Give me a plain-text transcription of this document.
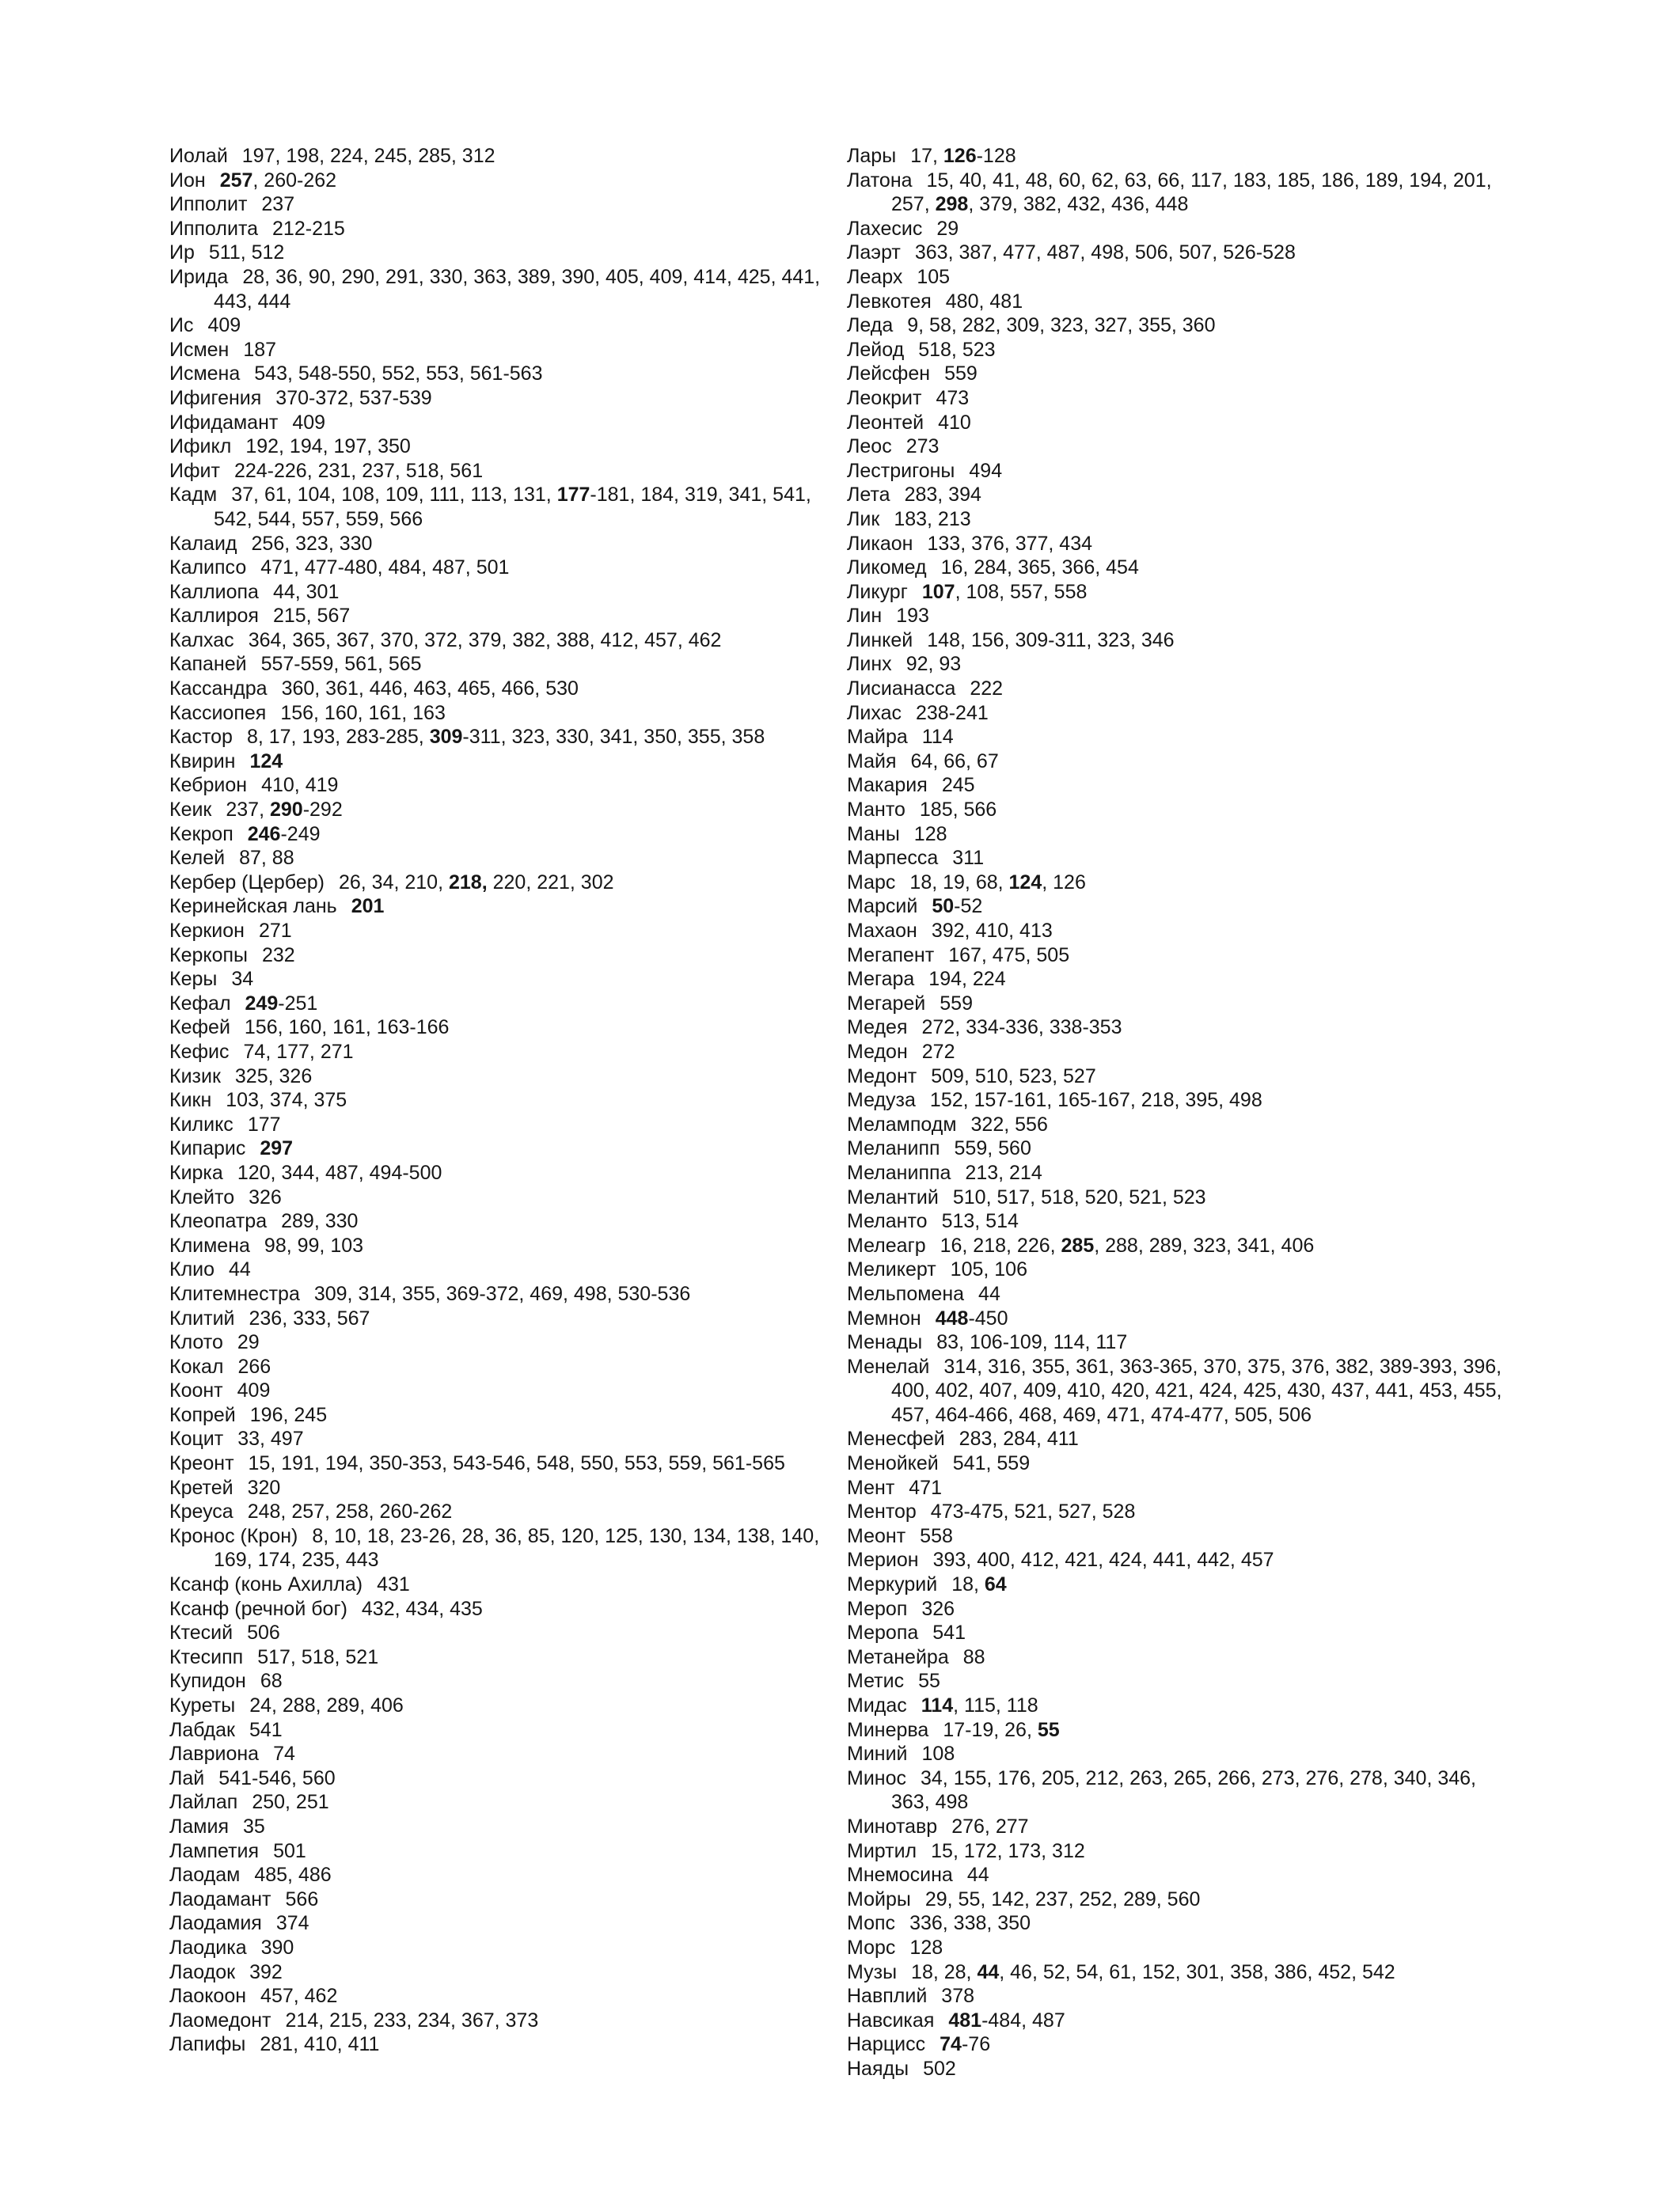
Иолай 197, 198, 224, 245, 285, 312
Ион 257, 260-262
Ипполит 237
Ипполита 212-215
Ир 511, 512
Ирида 28, 36, 90, 290, 291, 330, 363, 389, 390, 405, 409, 414, 425, 441, 443, 444
Ис 409
Исмен 187
Исмена 543, 548-550, 552, 553, 561-563
Ифигения 370-372, 537-539
Ифидамант 409
Ификл 192, 194, 197, 350
Ифит 224-226, 231, 237, 518, 561
Кадм 37, 61, 104, 108, 109, 111, 113, 131, 177-181, 184, 319, 341, 541, 542, 544, 557, 559, 566
Калаид 256, 323, 330
Калипсо 471, 477-480, 484, 487, 501
Каллиопа 44, 301
Каллироя 215, 567
Калхас 364, 365, 367, 370, 372, 379, 382, 388, 412, 457, 462
Капаней 557-559, 561, 565
Кассандра 360, 361, 446, 463, 465, 466, 530
Кассиопея 156, 160, 161, 163
Кастор 8, 17, 193, 283-285, 309-311, 323, 330, 341, 350, 355, 358
Квирин 124
Кебрион 410, 419
Кеик 237, 290-292
Кекроп 246-249
Келей 87, 88
Кербер (Цербер) 26, 34, 210, 218, 220, 221, 302
Керинейская лань 201
Керкион 271
Керкопы 232
Керы 34
Кефал 249-251
Кефей 156, 160, 161, 163-166
Кефис 74, 177, 271
Кизик 325, 326
Кикн 103, 374, 375
Киликс 177
Кипарис 297
Кирка 120, 344, 487, 494-500
Клейто 326
Клеопатра 289, 330
Климена 98, 99, 103
Клио 44
Клитемнестра 309, 314, 355, 369-372, 469, 498, 530-536
Клитий 236, 333, 567
Клото 29
Кокал 266
Коонт 409
Копрей 196, 245
Коцит 33, 497
Креонт 15, 191, 194, 350-353, 543-546, 548, 550, 553, 559, 561-565
Кретей 320
Креуса 248, 257, 258, 260-262
Кронос (Крон) 8, 10, 18, 23-26, 28, 36, 85, 120, 125, 130, 134, 138, 140, 169, 174, 235, 443
Ксанф (конь Ахилла) 431
Ксанф (речной бог) 432, 434, 435
Ктесий 506
Ктесипп 517, 518, 521
Купидон 68
Куреты 24, 288, 289, 406
Лабдак 541
Лавриона 74
Лай 541-546, 560
Лайлап 250, 251
Ламия 35
Лампетия 501
Лаодам 485, 486
Лаодамант 566
Лаодамия 374
Лаодика 390
Лаодок 392
Лаокоон 457, 462
Лаомедонт 214, 215, 233, 234, 367, 373
Лапифы 281, 410, 411
Лары 17, 126-128
Латона 15, 40, 41, 48, 60, 62, 63, 66, 117, 183, 185, 186, 189, 194, 201, 257, 298, 379, 382, 432, 436, 448
Лахесис 29
Лаэрт 363, 387, 477, 487, 498, 506, 507, 526-528
Леарх 105
Левкотея 480, 481
Леда 9, 58, 282, 309, 323, 327, 355, 360
Лейод 518, 523
Лейсфен 559
Леокрит 473
Леонтей 410
Леос 273
Лестригоны 494
Лета 283, 394
Лик 183, 213
Ликаон 133, 376, 377, 434
Ликомед 16, 284, 365, 366, 454
Ликург 107, 108, 557, 558
Лин 193
Линкей 148, 156, 309-311, 323, 346
Линх 92, 93
Лисианасса 222
Лихас 238-241
Майра 114
Майя 64, 66, 67
Макария 245
Манто 185, 566
Маны 128
Марпесса 311
Марс 18, 19, 68, 124, 126
Марсий 50-52
Махаон 392, 410, 413
Мегапент 167, 475, 505
Мегара 194, 224
Мегарей 559
Медея 272, 334-336, 338-353
Медон 272
Медонт 509, 510, 523, 527
Медуза 152, 157-161, 165-167, 218, 395, 498
Меламподм 322, 556
Меланипп 559, 560
Меланиппа 213, 214
Мелантий 510, 517, 518, 520, 521, 523
Меланто 513, 514
Мелеагр 16, 218, 226, 285, 288, 289, 323, 341, 406
Меликерт 105, 106
Мельпомена 44
Мемнон 448-450
Менады 83, 106-109, 114, 117
Менелай 314, 316, 355, 361, 363-365, 370, 375, 376, 382, 389-393, 396, 400, 402, 407, 409, 410, 420, 421, 424, 425, 430, 437, 441, 453, 455, 457, 464-466, 468, 469, 471, 474-477, 505, 506
Менесфей 283, 284, 411
Менойкей 541, 559
Мент 471
Ментор 473-475, 521, 527, 528
Меонт 558
Мерион 393, 400, 412, 421, 424, 441, 442, 457
Меркурий 18, 64
Мероп 326
Меропа 541
Метанейра 88
Метис 55
Мидас 114, 115, 118
Минерва 17-19, 26, 55
Миний 108
Минос 34, 155, 176, 205, 212, 263, 265, 266, 273, 276, 278, 340, 346, 363, 498
Минотавр 276, 277
Миртил 15, 172, 173, 312
Мнемосина 44
Мойры 29, 55, 142, 237, 252, 289, 560
Мопс 336, 338, 350
Морс 128
Музы 18, 28, 44, 46, 52, 54, 61, 152, 301, 358, 386, 452, 542
Навплий 378
Навсикая 481-484, 487
Нарцисс 74-76
Наяды 502
